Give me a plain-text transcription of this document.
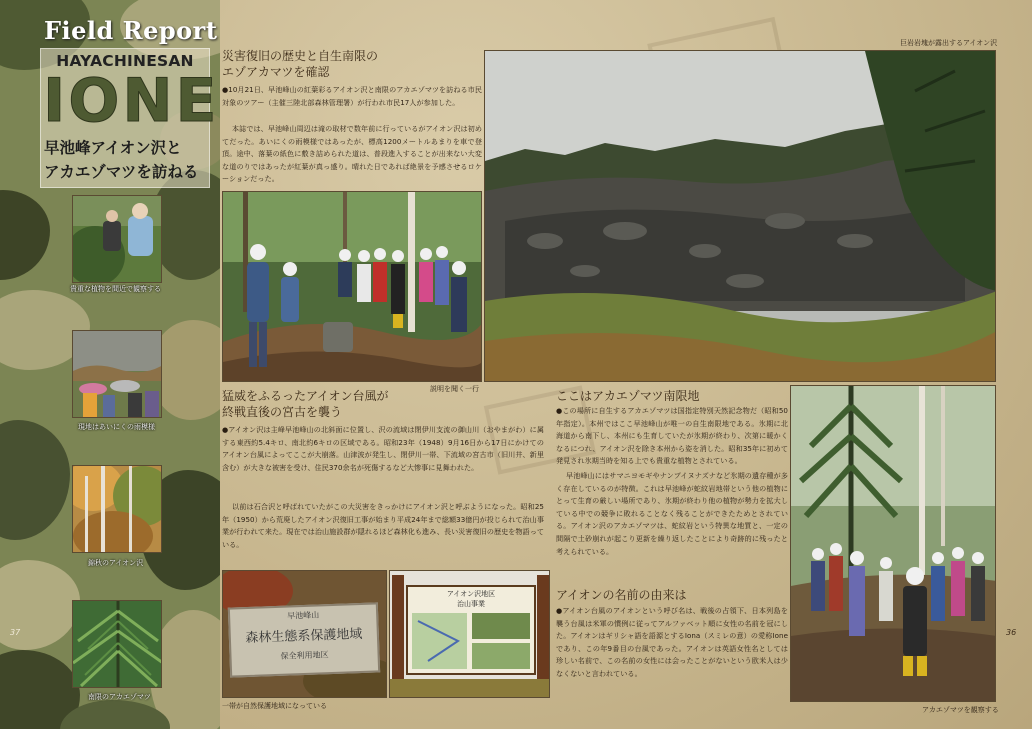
Field Report
HAYACHINESAN
IONE
早池峰アイオン沢と
アカエゾマツを訪ねる
貴重な植物を間近で観察する
現地はあいにくの雨模様
錦秋のアイオン沢
南限のアカエゾマツ
37
災害復旧の歴史と自生南限の
エゾアカマツを確認
●10月21日、早池峰山の紅葉彩るアイオン沢と南限のアカエゾマツを訪ねる市民対象のツアー（主催三陸北部森林管理署）が行われ市民17人が参加した。
本誌では、早池峰山周辺は滝の取材で数年前に行っているがアイオン沢は初めてだった。あいにくの雨模様ではあったが、標高1200メートルあまりを車で登頂。途中、落葉の紙色に敷き詰められた道は、普段進入することが出来ない大変な道のりではあったが紅葉が真っ盛り。晴れた日であれば絶景を予感させるロケーションだった。
説明を聞く一行
巨岩岩塊が露出するアイオン沢
猛威をふるったアイオン台風が
終戦直後の宮古を襲う
●アイオン沢は主峰早池峰山の北斜面に位置し、沢の流域は閉伊川支流の御山川（おやまがわ）に属する東西約5.4キロ、南北約6キロの区域である。昭和23年（1948）9月16日から17日にかけてのアイオン台風によってここが大崩落。山津波が発生し、閉伊川一帯、下流域の宮古市（旧川井、新里含む）が大きな被害を受け、住民370余名が死傷するなど大惨事に見舞われた。
以前は石合沢と呼ばれていたがこの大災害をきっかけにアイオン沢と呼ぶようになった。昭和25年（1950）から荒廃したアイオン沢復旧工事が始まり平成24年まで総額33億円が投じられて治山事業が行われて来た。現在では治山施設群が隠れるほど森林化も進み、長い災害復旧の歴史を物語っている。
早池峰山
森林生態系保護地域
保全利用地区
アイオン沢地区
治山事業
一帯が自然保護地域になっている
ここはアカエゾマツ南限地
●この場所に自生するアカエゾマツは国指定特別天然記念物だ（昭和50年指定）。本州ではここ早池峰山が唯一の自生南限地である。氷期に北海道から南下し、本州にも生育していたが氷期が終わり、次第に暖かくなるにつれ、アイオン沢を除き本州から姿を消した。昭和35年に初めて発見され氷期当時を知る上でも貴重な植物とされている。
早池峰山にはサマニヨモギやナンブイヌナズナなど氷期の遺存種が多く存在しているのが特徴。これは早池峰が蛇紋岩地帯という他の植物にとって生育の厳しい場所であり、氷期が終わり他の植物が勢力を拡大している中での競争に敗れることなく残ることができたためとされている。アイオン沢のアカエゾマツは、蛇紋岩という特異な地質と、一定の間隔で土砂崩れが起こり更新を繰り返したことにより奇跡的に残ったと考えられている。
アイオンの名前の由来は
●アイオン台風のアイオンという呼び名は、戦後の占領下、日本列島を襲う台風は米軍の慣例に従ってアルファベット順に女性の名前を冠にした。アイオンはギリシャ語を語源とするIona（スミレの意）の愛称Ioneであり、この年9番目の台風であった。アイオンは英語女性名としては珍しい名前で、この名前の女性には会ったことがないという欧米人は少なくないと言われている。
アカエゾマツを観察する
36
